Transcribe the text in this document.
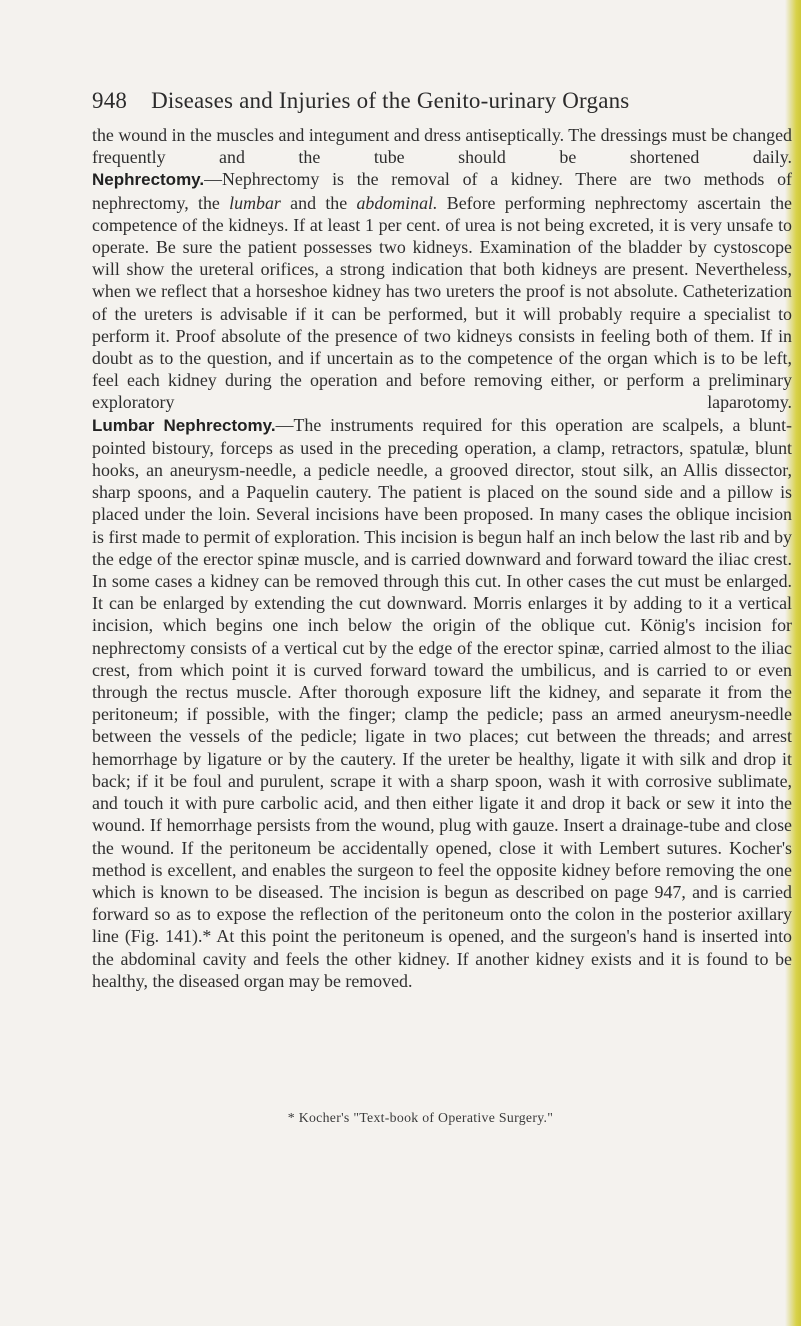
948 Diseases and Injuries of the Genito-urinary Organs

the wound in the muscles and integument and dress antiseptically. The dressings must be changed frequently and the tube should be shortened daily.

Nephrectomy.—Nephrectomy is the removal of a kidney. There are two methods of nephrectomy, the lumbar and the abdominal. Before performing nephrectomy ascertain the competence of the kidneys. If at least 1 per cent. of urea is not being excreted, it is very unsafe to operate. Be sure the patient possesses two kidneys. Examination of the bladder by cystoscope will show the ureteral orifices, a strong indication that both kidneys are present. Nevertheless, when we reflect that a horseshoe kidney has two ureters the proof is not absolute. Catheterization of the ureters is advisable if it can be performed, but it will probably require a specialist to perform it. Proof absolute of the presence of two kidneys consists in feeling both of them. If in doubt as to the question, and if uncertain as to the competence of the organ which is to be left, feel each kidney during the operation and before removing either, or perform a preliminary exploratory laparotomy.

Lumbar Nephrectomy.—The instruments required for this operation are scalpels, a blunt-pointed bistoury, forceps as used in the preceding operation, a clamp, retractors, spatulæ, blunt hooks, an aneurysm-needle, a pedicle needle, a grooved director, stout silk, an Allis dissector, sharp spoons, and a Paquelin cautery. The patient is placed on the sound side and a pillow is placed under the loin. Several incisions have been proposed. In many cases the oblique incision is first made to permit of exploration. This incision is begun half an inch below the last rib and by the edge of the erector spinæ muscle, and is carried downward and forward toward the iliac crest. In some cases a kidney can be removed through this cut. In other cases the cut must be enlarged. It can be enlarged by extending the cut downward. Morris enlarges it by adding to it a vertical incision, which begins one inch below the origin of the oblique cut. König's incision for nephrectomy consists of a vertical cut by the edge of the erector spinæ, carried almost to the iliac crest, from which point it is curved forward toward the umbilicus, and is carried to or even through the rectus muscle. After thorough exposure lift the kidney, and separate it from the peritoneum; if possible, with the finger; clamp the pedicle; pass an armed aneurysm-needle between the vessels of the pedicle; ligate in two places; cut between the threads; and arrest hemorrhage by ligature or by the cautery. If the ureter be healthy, ligate it with silk and drop it back; if it be foul and purulent, scrape it with a sharp spoon, wash it with corrosive sublimate, and touch it with pure carbolic acid, and then either ligate it and drop it back or sew it into the wound. If hemorrhage persists from the wound, plug with gauze. Insert a drainage-tube and close the wound. If the peritoneum be accidentally opened, close it with Lembert sutures. Kocher's method is excellent, and enables the surgeon to feel the opposite kidney before removing the one which is known to be diseased. The incision is begun as described on page 947, and is carried forward so as to expose the reflection of the peritoneum onto the colon in the posterior axillary line (Fig. 141).* At this point the peritoneum is opened, and the surgeon's hand is inserted into the abdominal cavity and feels the other kidney. If another kidney exists and it is found to be healthy, the diseased organ may be removed.

* Kocher's "Text-book of Operative Surgery."
